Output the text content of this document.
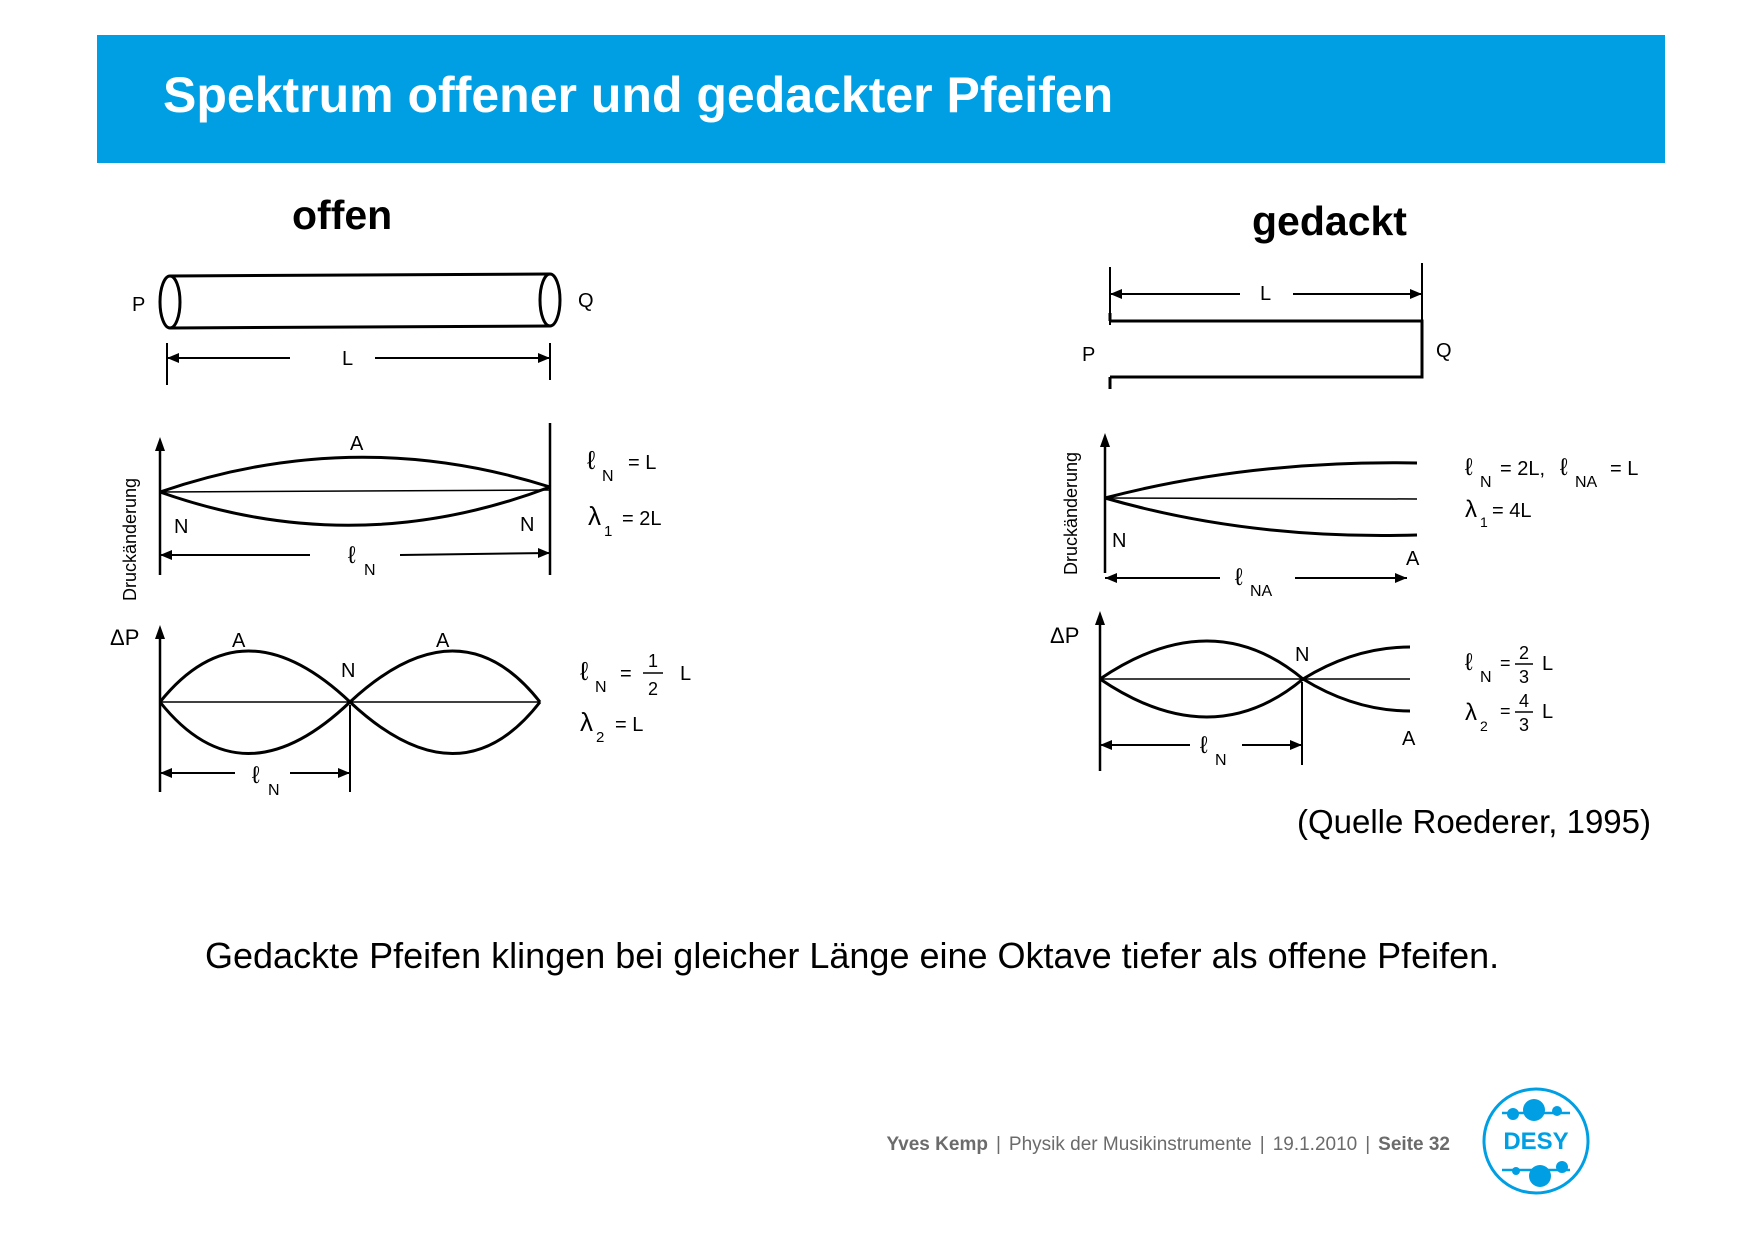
Spektrum offener und gedackter Pfeifen
offen	gedackt
P	Q
L
A
N	N
ℓ
N
Druckänderung
ΔP	A	A
N
ℓ
N
ℓ
N
= L
λ
1
= 2L
ℓ
N
=
1
2
L
λ
2
= L
L
P	Q
Druckänderung N
A
ℓ
NA
ΔP
N
A
ℓ
N
ℓ
N
= 2L, ℓ
NA
= L
λ 1 = 4L
ℓ
N
= 2
3
L
λ 2
= 4
3
L
(Quelle Roederer, 1995)
Gedackte Pfeifen klingen bei gleicher Länge eine Oktave tiefer als offene Pfeifen.
Yves Kemp | Physik der Musikinstrumente | 19.1.2010 | Seite 32 DESY
